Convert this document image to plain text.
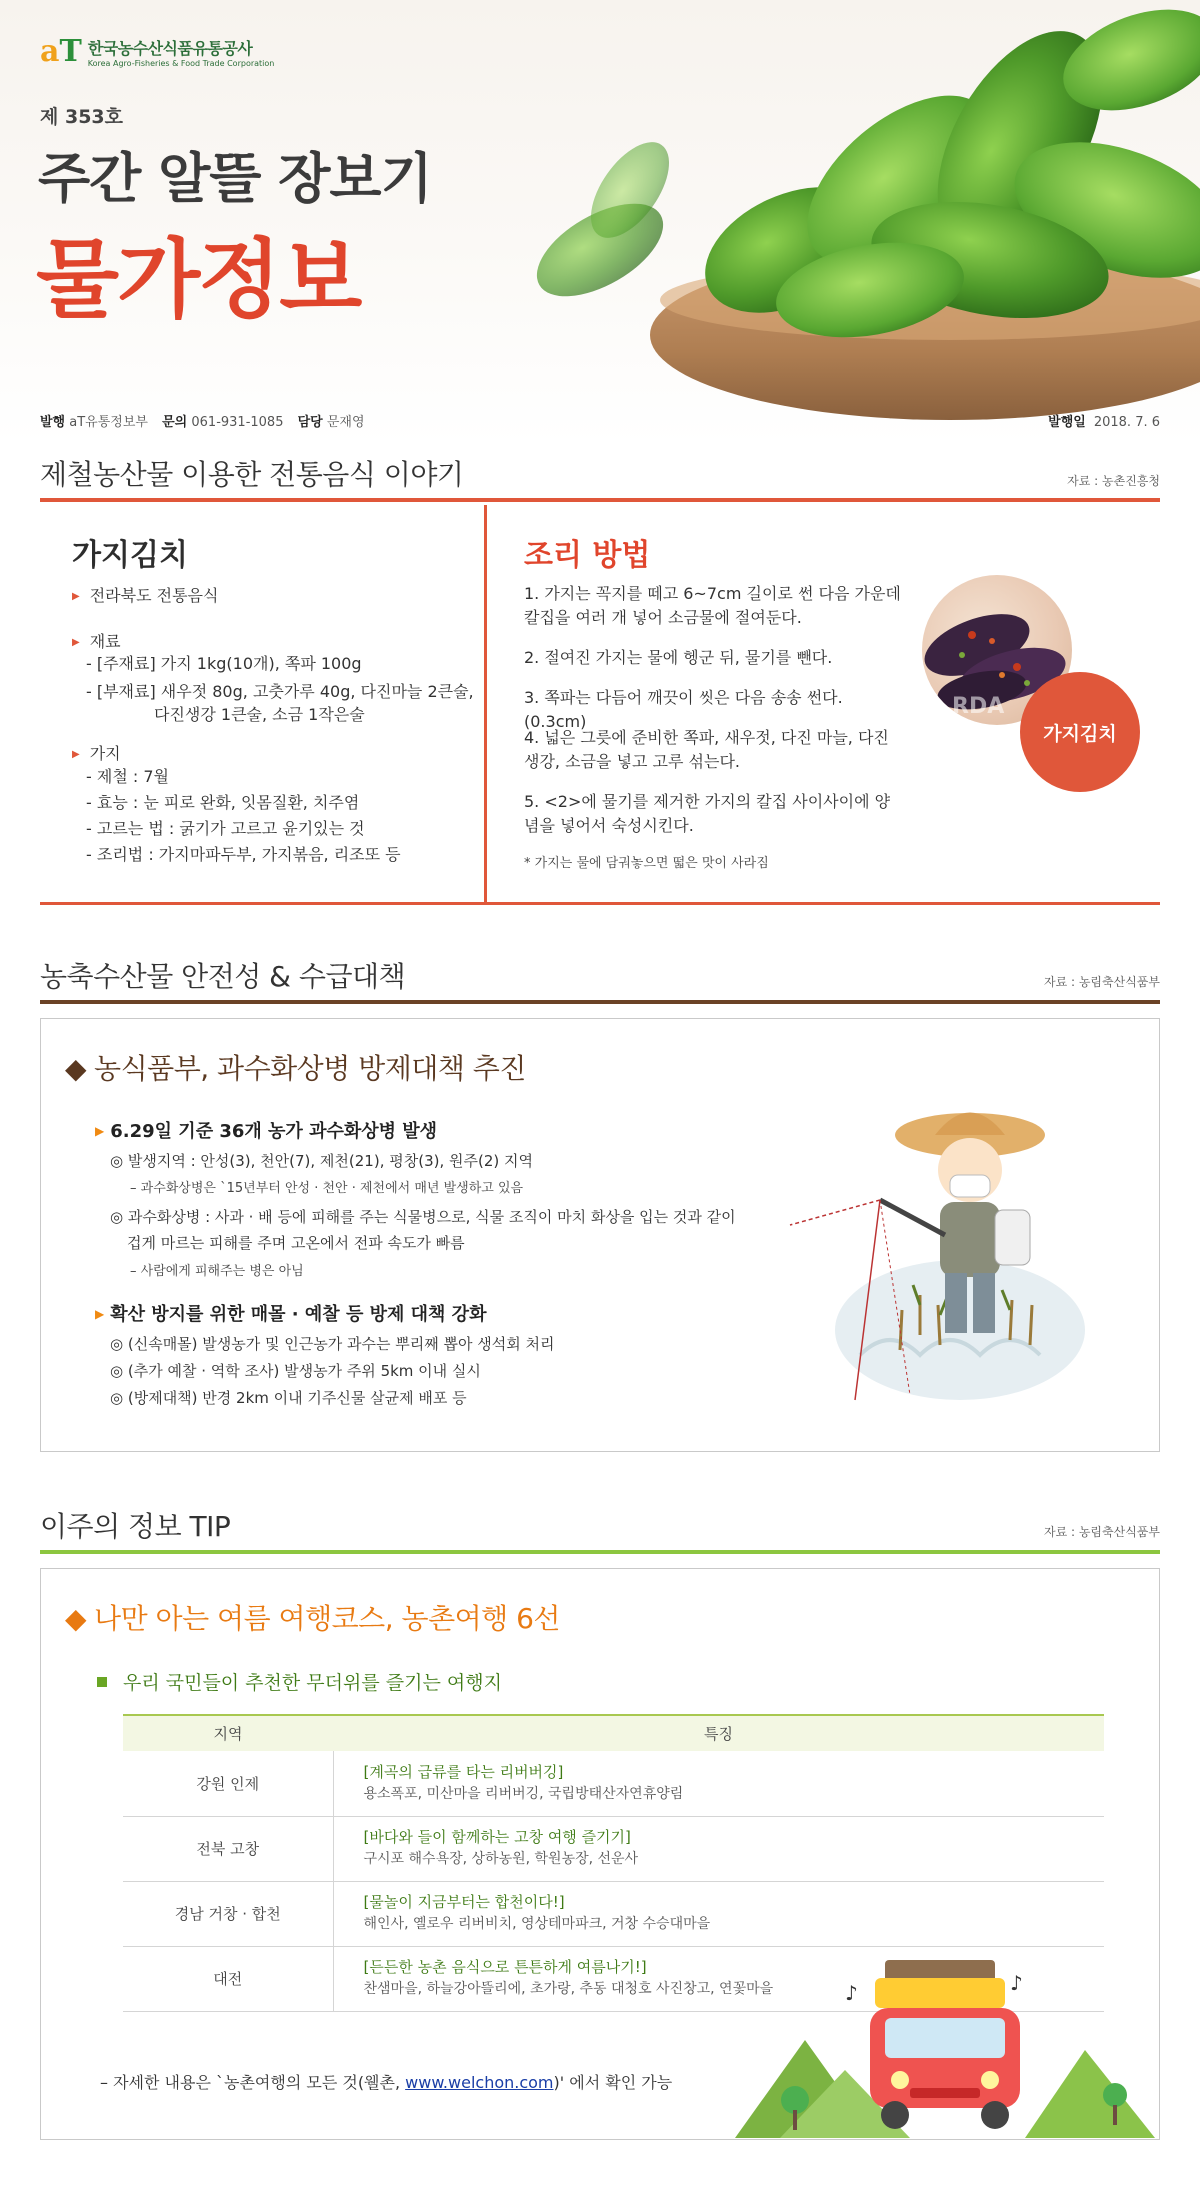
aT 한국농수산식품유통공사
Korea Agro-Fisheries & Food Trade Corporation
제 353호
주간 알뜰 장보기
물가정보
발행 aT유통정보부 문의 061-931-1085 담당 문재영	발행일 2018. 7. 6
제철농산물 이용한 전통음식 이야기	자료 : 농촌진흥청
가지김치
▶ 전라북도 전통음식
▶ 재료
- [주재료] 가지 1kg(10개), 쪽파 100g
- [부재료] 새우젓 80g, 고춧가루 40g, 다진마늘 2큰술,
다진생강 1큰술, 소금 1작은술
▶ 가지
- 제철 : 7월
- 효능 : 눈 피로 완화, 잇몸질환, 치주염
- 고르는 법 : 굵기가 고르고 윤기있는 것
- 조리법 : 가지마파두부, 가지볶음, 리조또 등
조리 방법
1. 가지는 꼭지를 떼고 6~7cm 길이로 썬 다음 가운데 칼집을 여러 개 넣어 소금물에 절여둔다.
2. 절여진 가지는 물에 헹군 뒤, 물기를 뺀다.
3. 쪽파는 다듬어 깨끗이 씻은 다음 송송 썬다.(0.3cm)
4. 넓은 그릇에 준비한 쪽파, 새우젓, 다진 마늘, 다진 생강, 소금을 넣고 고루 섞는다.
5. <2>에 물기를 제거한 가지의 칼집 사이사이에 양념을 넣어서 숙성시킨다.
* 가지는 물에 담궈놓으면 떫은 맛이 사라짐
RDA
가지김치
농축수산물 안전성 & 수급대책	자료 : 농림축산식품부
◆ 농식품부, 과수화상병 방제대책 추진
▶ 6.29일 기준 36개 농가 과수화상병 발생
◎ 발생지역 : 안성(3), 천안(7), 제천(21), 평창(3), 원주(2) 지역
– 과수화상병은 `15년부터 안성 · 천안 · 제천에서 매년 발생하고 있음
◎ 과수화상병 : 사과 · 배 등에 피해를 주는 식물병으로, 식물 조직이 마치 화상을 입는 것과 같이
겁게 마르는 피해를 주며 고온에서 전파 속도가 빠름
– 사람에게 피해주는 병은 아님
▶ 확산 방지를 위한 매몰 · 예찰 등 방제 대책 강화
◎ (신속매몰) 발생농가 및 인근농가 과수는 뿌리째 뽑아 생석회 처리
◎ (추가 예찰 · 역학 조사) 발생농가 주위 5km 이내 실시
◎ (방제대책) 반경 2km 이내 기주신물 살균제 배포 등
이주의 정보 TIP	자료 : 농림축산식품부
◆ 나만 아는 여름 여행코스, 농촌여행 6선
우리 국민들이 추천한 무더위를 즐기는 여행지
지역	특징
강원 인제	[계곡의 급류를 타는 리버버깅]
용소폭포, 미산마을 리버버깅, 국립방태산자연휴양림

전북 고창	[바다와 들이 함께하는 고창 여행 즐기기]
구시포 해수욕장, 상하농원, 학원농장, 선운사

경남 거창 · 합천	[물놀이 지금부터는 합천이다!]
해인사, 옐로우 리버비치, 영상테마파크, 거창 수승대마을

대전	[든든한 농촌 음식으로 튼튼하게 여름나기!]
찬샘마을, 하늘강아뜰리에, 초가랑, 추동 대청호 사진창고, 연꽃마을	♪	♪
– 자세한 내용은 `농촌여행의 모든 것(웰촌, www.welchon.com)' 에서 확인 가능
